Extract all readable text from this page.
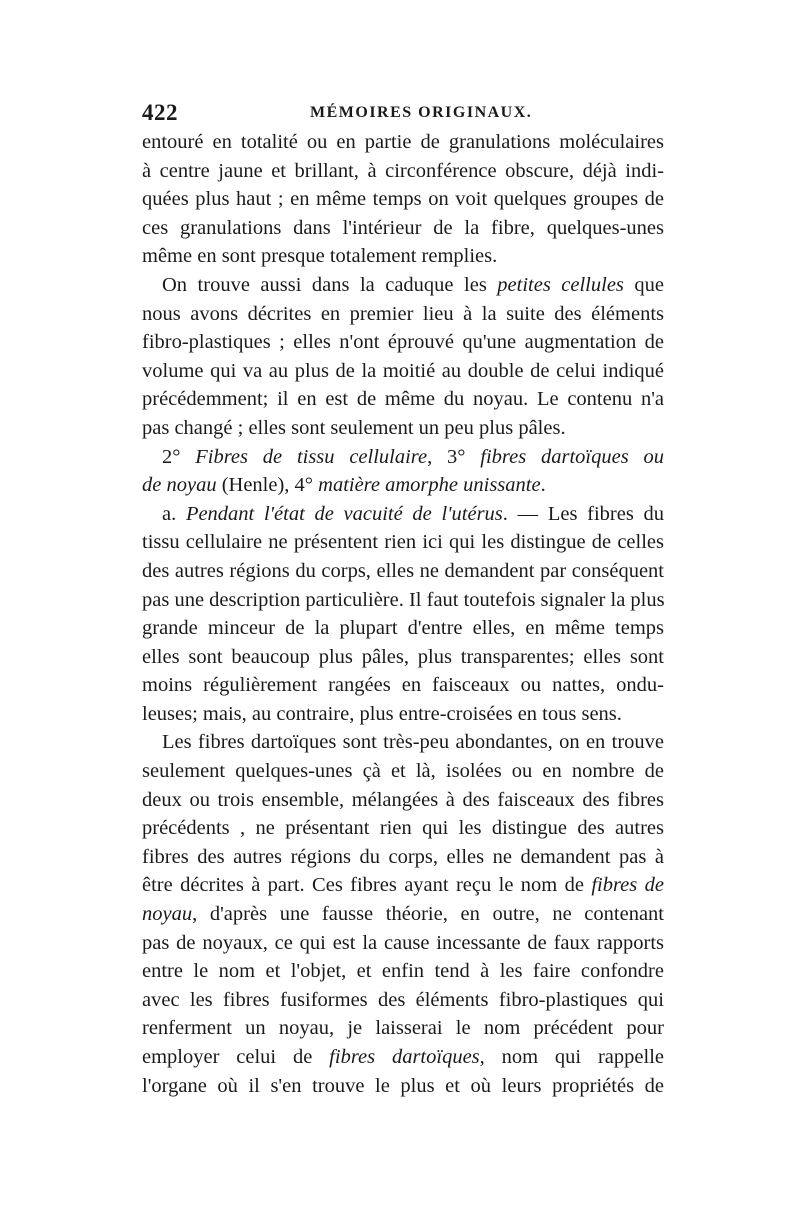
422	MÉMOIRES ORIGINAUX.
entouré en totalité ou en partie de granulations moléculaires
à centre jaune et brillant, à circonférence obscure, déjà indi-
quées plus haut ; en même temps on voit quelques groupes de
ces granulations dans l'intérieur de la fibre, quelques-unes
même en sont presque totalement remplies.
On trouve aussi dans la caduque les petites cellules que
nous avons décrites en premier lieu à la suite des éléments
fibro-plastiques ; elles n'ont éprouvé qu'une augmentation de
volume qui va au plus de la moitié au double de celui indiqué
précédemment; il en est de même du noyau. Le contenu n'a
pas changé ; elles sont seulement un peu plus pâles.
2° Fibres de tissu cellulaire, 3° fibres dartoïques ou
de noyau (Henle), 4° matière amorphe unissante.
a. Pendant l'état de vacuité de l'utérus. — Les fibres du
tissu cellulaire ne présentent rien ici qui les distingue de celles
des autres régions du corps, elles ne demandent par conséquent
pas une description particulière. Il faut toutefois signaler la plus
grande minceur de la plupart d'entre elles, en même temps
elles sont beaucoup plus pâles, plus transparentes; elles sont
moins régulièrement rangées en faisceaux ou nattes, ondu-
leuses; mais, au contraire, plus entre-croisées en tous sens.
Les fibres dartoïques sont très-peu abondantes, on en trouve
seulement quelques-unes çà et là, isolées ou en nombre de
deux ou trois ensemble, mélangées à des faisceaux des fibres
précédents , ne présentant rien qui les distingue des autres
fibres des autres régions du corps, elles ne demandent pas à
être décrites à part. Ces fibres ayant reçu le nom de fibres de
noyau, d'après une fausse théorie, en outre, ne contenant
pas de noyaux, ce qui est la cause incessante de faux rapports
entre le nom et l'objet, et enfin tend à les faire confondre
avec les fibres fusiformes des éléments fibro-plastiques qui
renferment un noyau, je laisserai le nom précédent pour
employer celui de fibres dartoïques, nom qui rappelle
l'organe où il s'en trouve le plus et où leurs propriétés de
